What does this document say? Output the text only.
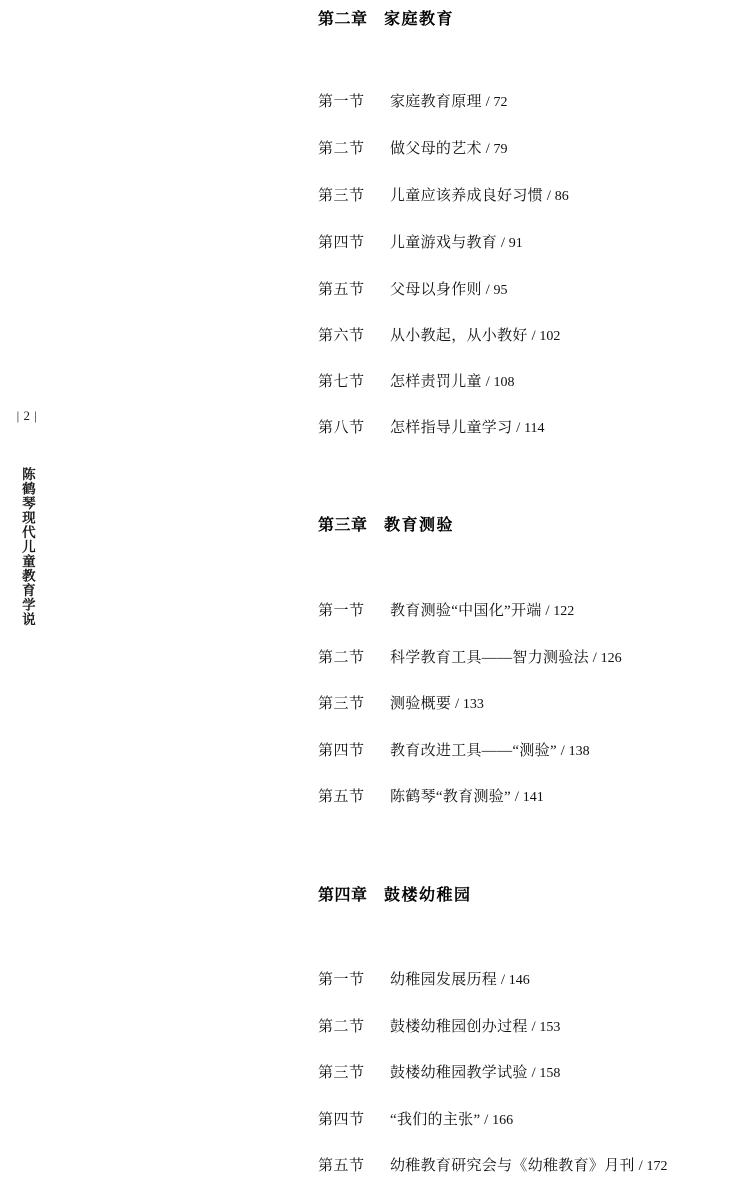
| 2 |
陈鹤琴现代儿童教育学说
第二章 家庭教育
第一节 家庭教育原理 / 72
第二节 做父母的艺术 / 79
第三节 儿童应该养成良好习惯 / 86
第四节 儿童游戏与教育 / 91
第五节 父母以身作则 / 95
第六节 从小教起，从小教好 / 102
第七节 怎样责罚儿童 / 108
第八节 怎样指导儿童学习 / 114
第三章 教育测验
第一节 教育测验“中国化”开端 / 122
第二节 科学教育工具——智力测验法 / 126
第三节 测验概要 / 133
第四节 教育改进工具——“测验” / 138
第五节 陈鹤琴“教育测验” / 141
第四章 鼓楼幼稚园
第一节 幼稚园发展历程 / 146
第二节 鼓楼幼稚园创办过程 / 153
第三节 鼓楼幼稚园教学试验 / 158
第四节 “我们的主张” / 166
第五节 幼稚教育研究会与《幼稚教育》月刊 / 172
